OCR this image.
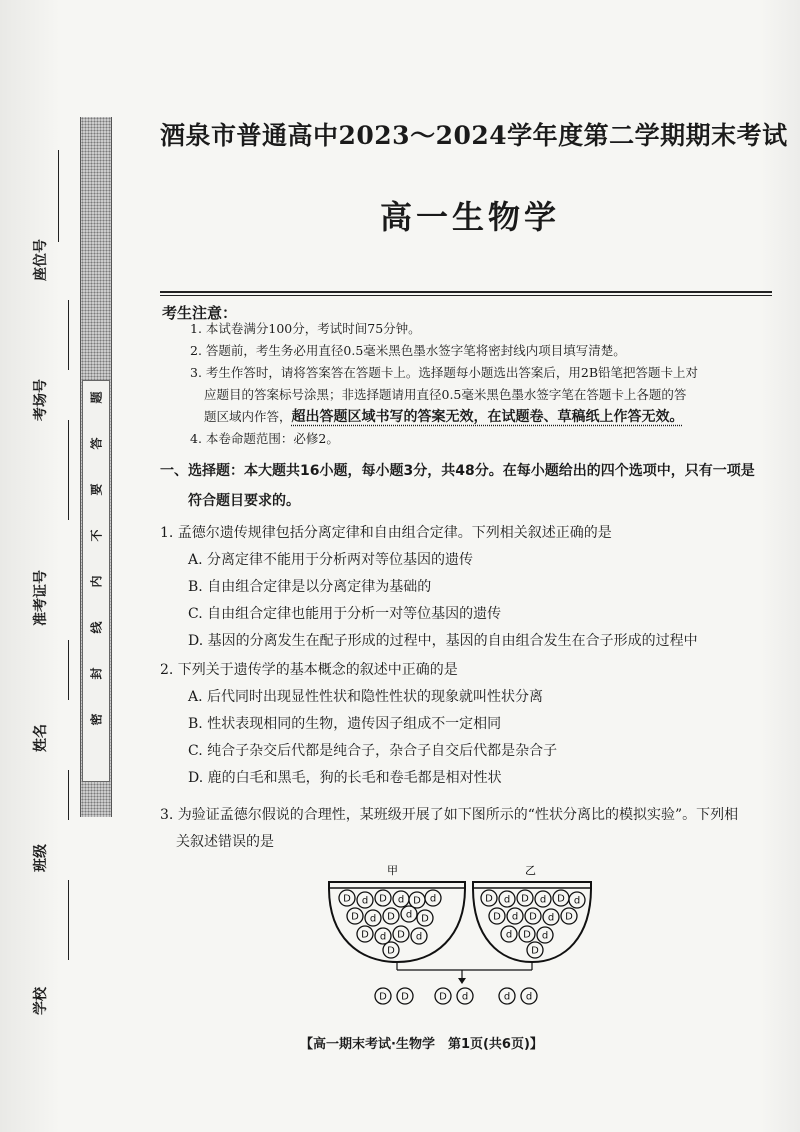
座位号
考场号
准考证号
姓名
班级
学校
密
封
线
内
不
要
答
题
酒泉市普通高中2023～2024学年度第二学期期末考试
高一生物学
考生注意：
1. 本试卷满分100分，考试时间75分钟。
2. 答题前，考生务必用直径0.5毫米黑色墨水签字笔将密封线内项目填写清楚。
3. 考生作答时，请将答案答在答题卡上。选择题每小题选出答案后，用2B铅笔把答题卡上对
应题目的答案标号涂黑；非选择题请用直径0.5毫米黑色墨水签字笔在答题卡上各题的答
题区域内作答，超出答题区域书写的答案无效，在试题卷、草稿纸上作答无效。
4. 本卷命题范围：必修2。
一、选择题：本大题共16小题，每小题3分，共48分。在每小题给出的四个选项中，只有一项是
符合题目要求的。
1. 孟德尔遗传规律包括分离定律和自由组合定律。下列相关叙述正确的是
A. 分离定律不能用于分析两对等位基因的遗传
B. 自由组合定律是以分离定律为基础的
C. 自由组合定律也能用于分析一对等位基因的遗传
D. 基因的分离发生在配子形成的过程中，基因的自由组合发生在合子形成的过程中
2. 下列关于遗传学的基本概念的叙述中正确的是
A. 后代同时出现显性性状和隐性性状的现象就叫性状分离
B. 性状表现相同的生物，遗传因子组成不一定相同
C. 纯合子杂交后代都是纯合子，杂合子自交后代都是杂合子
D. 鹿的白毛和黑毛，狗的长毛和卷毛都是相对性状
3. 为验证孟德尔假说的合理性，某班级开展了如下图所示的“性状分离比的模拟实验”。下列相
关叙述错误的是
甲	乙
D d D d D d
D d D d D
D d D d
D
D d D d D d
D d D d D
d D d
D
D D	D d	d d
【高一期末考试·生物学　第1页(共6页)】
